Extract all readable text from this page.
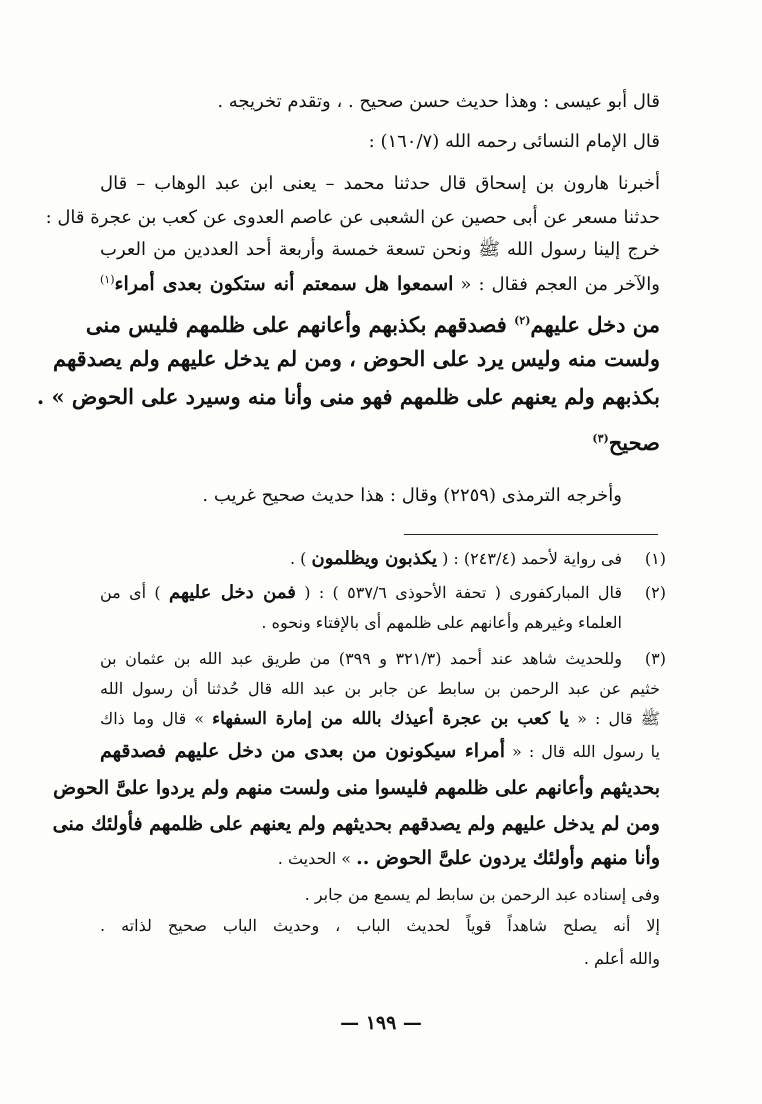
قال أبو عيسى : وهذا حديث حسن صحيح . ، وتقدم تخريجه .
قال الإمام النسائى رحمه الله (١٦٠/٧) :
أخبرنا هارون بن إسحاق قال حدثنا محمد – يعنى ابن عبد الوهاب – قال
حدثنا مسعر عن أبى حصين عن الشعبى عن عاصم العدوى عن كعب بن عجرة قال :
خرج إلينا رسول الله ﷺ ونحن تسعة خمسة وأربعة أحد العددين من العرب
والآخر من العجم فقال : « اسمعوا هل سمعتم أنه ستكون بعدى أمراء$^{(١)}$
من دخل عليهم$^{(٢)}$ فصدقهم بكذبهم وأعانهم على ظلمهم فليس منى
ولست منه وليس يرد على الحوض ، ومن لم يدخل عليهم ولم يصدقهم
بكذبهم ولم يعنهم على ظلمهم فهو منى وأنا منه وسيرد على الحوض » .
صحيح$^{(٣)}$
وأخرجه الترمذى (٢٢٥٩) وقال : هذا حديث صحيح غريب .
(١)
فى رواية لأحمد (٢٤٣/٤) : ( يكذبون ويظلمون ) .
(٢)
قال المباركفورى ( تحفة الأحوذى ٥٣٧/٦ ) : ( فمن دخل عليهم ) أى من
العلماء وغيرهم وأعانهم على ظلمهم أى بالإفتاء ونحوه .
(٣)
وللحديث شاهد عند أحمد (٣٢١/٣ و ٣٩٩) من طريق عبد الله بن عثمان بن
خثيم عن عبد الرحمن بن سابط عن جابر بن عبد الله قال حُدثنا أن رسول الله
ﷺ قال : « يا كعب بن عجرة أعيذك بالله من إمارة السفهاء » قال وما ذاك
يا رسول الله قال : « أمراء سيكونون من بعدى من دخل عليهم فصدقهم
بحديثهم وأعانهم على ظلمهم فليسوا منى ولست منهم ولم يردوا علىَّ الحوض
ومن لم يدخل عليهم ولم يصدقهم بحديثهم ولم يعنهم على ظلمهم فأولئك منى
وأنا منهم وأولئك يردون علىَّ الحوض .. » الحديث .
وفى إسناده عبد الرحمن بن سابط لم يسمع من جابر .
إلا أنه يصلح شاهداً قوياً لحديث الباب ، وحديث الباب صحيح لذاته .
والله أعلم .
— ١٩٩ —
